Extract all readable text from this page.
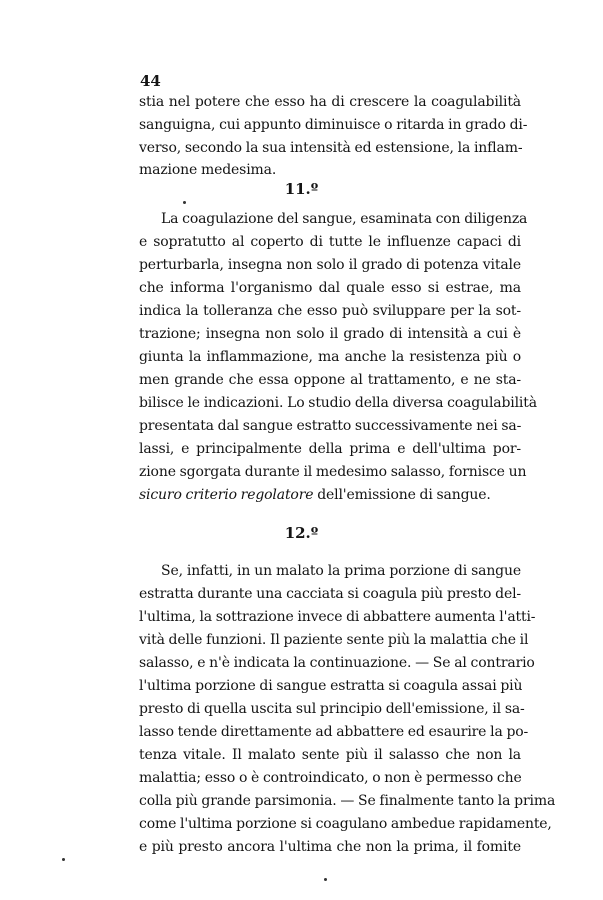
44
stia nel potere che esso ha di crescere la coagulabilità
sanguigna, cui appunto diminuisce o ritarda in grado di-
verso, secondo la sua intensità ed estensione, la inflam-
mazione medesima.
11.º
La coagulazione del sangue, esaminata con diligenza
e sopratutto al coperto di tutte le influenze capaci di
perturbarla, insegna non solo il grado di potenza vitale
che informa l'organismo dal quale esso si estrae, ma
indica la tolleranza che esso può sviluppare per la sot-
trazione; insegna non solo il grado di intensità a cui è
giunta la inflammazione, ma anche la resistenza più o
men grande che essa oppone al trattamento, e ne sta-
bilisce le indicazioni. Lo studio della diversa coagulabilità
presentata dal sangue estratto successivamente nei sa-
lassi, e principalmente della prima e dell'ultima por-
zione sgorgata durante il medesimo salasso, fornisce un
sicuro criterio regolatore dell'emissione di sangue.
12.º
Se, infatti, in un malato la prima porzione di sangue
estratta durante una cacciata si coagula più presto del-
l'ultima, la sottrazione invece di abbattere aumenta l'atti-
vità delle funzioni. Il paziente sente più la malattia che il
salasso, e n'è indicata la continuazione. — Se al contrario
l'ultima porzione di sangue estratta si coagula assai più
presto di quella uscita sul principio dell'emissione, il sa-
lasso tende direttamente ad abbattere ed esaurire la po-
tenza vitale. Il malato sente più il salasso che non la
malattia; esso o è controindicato, o non è permesso che
colla più grande parsimonia. — Se finalmente tanto la prima
come l'ultima porzione si coagulano ambedue rapidamente,
e più presto ancora l'ultima che non la prima, il fomite
